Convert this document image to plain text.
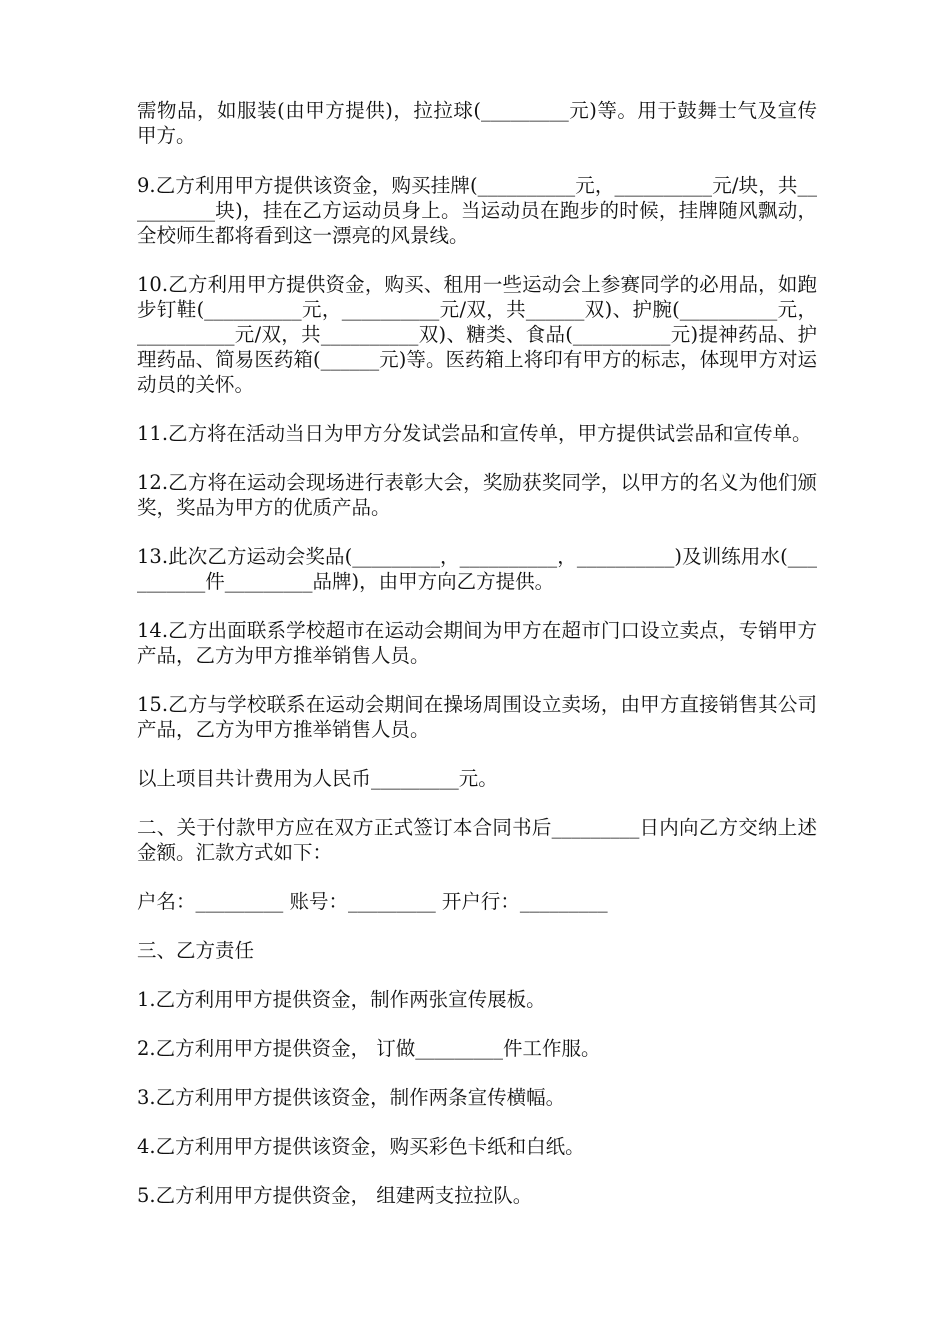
需物品，如服装(由甲方提供)，拉拉球(_________元)等。用于鼓舞士气及宣传甲方。

9.乙方利用甲方提供该资金，购买挂牌(__________元，__________元/块，共__________块)，挂在乙方运动员身上。当运动员在跑步的时候，挂牌随风飘动，全校师生都将看到这一漂亮的风景线。

10.乙方利用甲方提供资金，购买、租用一些运动会上参赛同学的必用品，如跑步钉鞋(__________元，__________元/双，共______双)、护腕(__________元，__________元/双，共__________双)、糖类、食品(__________元)提神药品、护理药品、简易医药箱(______元)等。医药箱上将印有甲方的标志，体现甲方对运动员的关怀。

11.乙方将在活动当日为甲方分发试尝品和宣传单，甲方提供试尝品和宣传单。

12.乙方将在运动会现场进行表彰大会，奖励获奖同学，以甲方的名义为他们颁奖，奖品为甲方的优质产品。

13.此次乙方运动会奖品(_________，__________，__________)及训练用水(__________件_________品牌)，由甲方向乙方提供。

14.乙方出面联系学校超市在运动会期间为甲方在超市门口设立卖点，专销甲方产品，乙方为甲方推举销售人员。

15.乙方与学校联系在运动会期间在操场周围设立卖场，由甲方直接销售其公司产品，乙方为甲方推举销售人员。

以上项目共计费用为人民币_________元。

二、关于付款甲方应在双方正式签订本合同书后_________日内向乙方交纳上述金额。汇款方式如下：

户名：_________ 账号：_________ 开户行：_________

三、乙方责任

1.乙方利用甲方提供资金，制作两张宣传展板。

2.乙方利用甲方提供资金， 订做_________件工作服。

3.乙方利用甲方提供该资金，制作两条宣传横幅。

4.乙方利用甲方提供该资金，购买彩色卡纸和白纸。

5.乙方利用甲方提供资金， 组建两支拉拉队。
